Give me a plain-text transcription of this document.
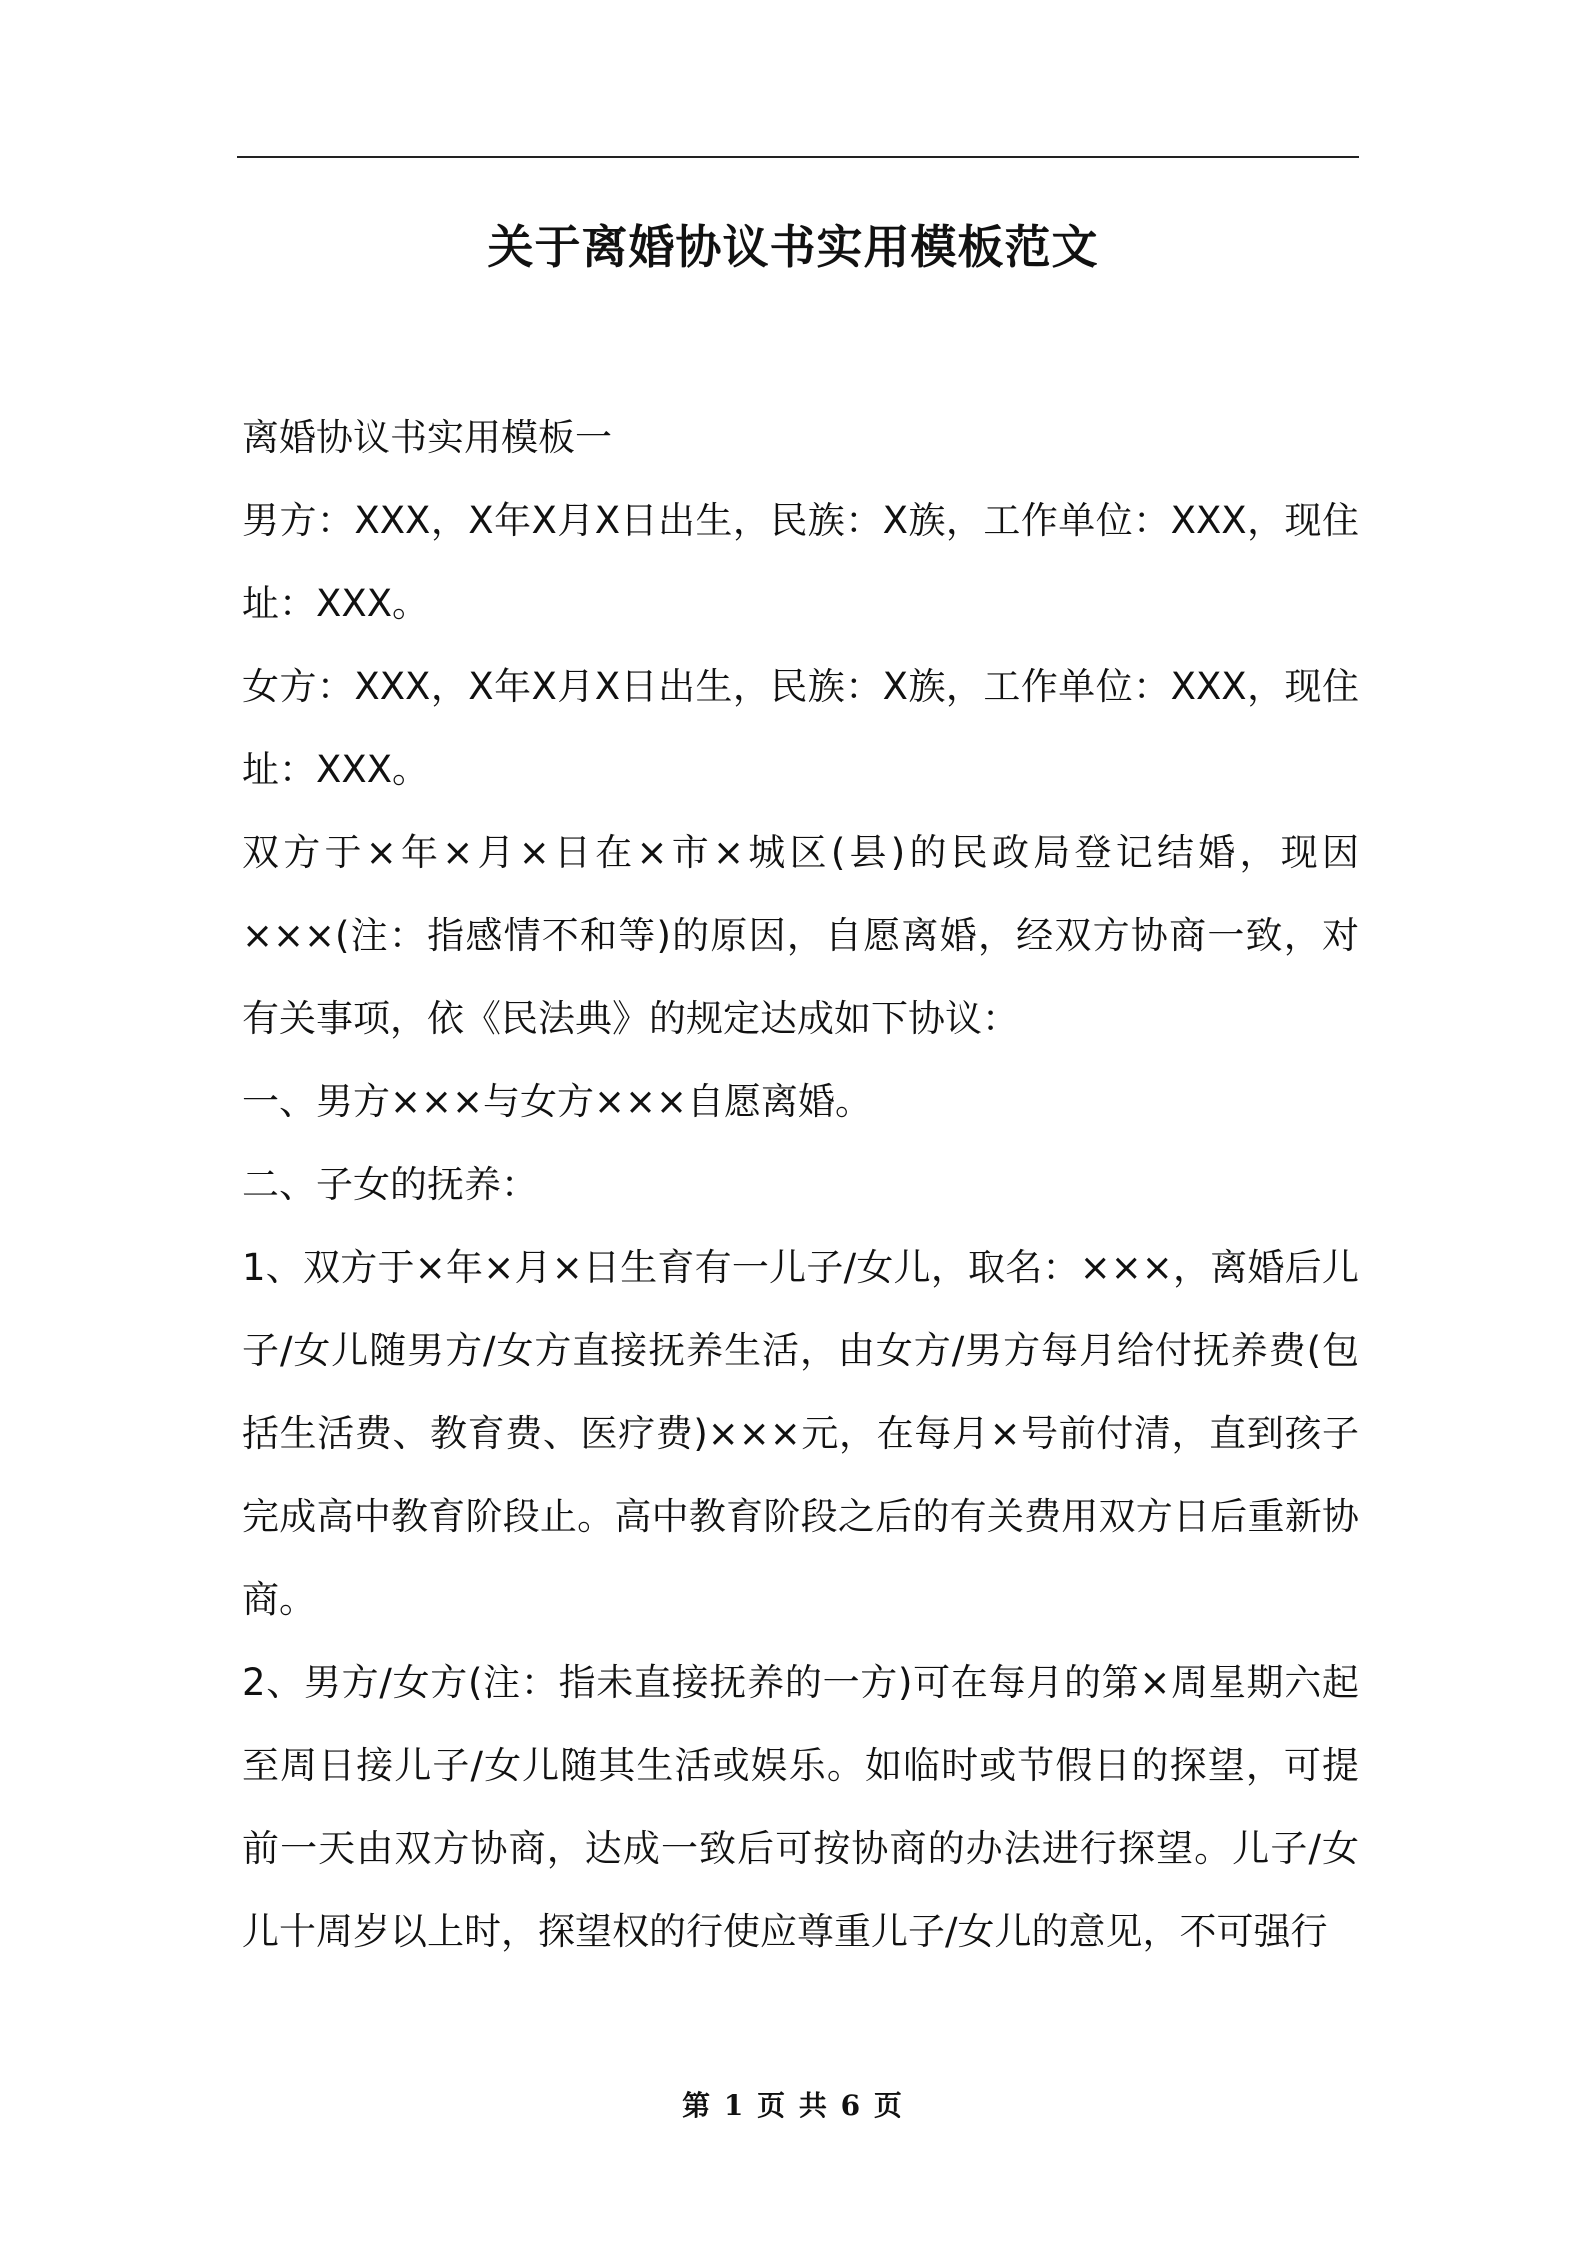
关于离婚协议书实用模板范文

离婚协议书实用模板一

男方：XXX，X年X月X日出生，民族：X族，工作单位：XXX，现住址：XXX。

女方：XXX，X年X月X日出生，民族：X族，工作单位：XXX，现住址：XXX。

双方于×年×月×日在×市×城区(县)的民政局登记结婚，现因×××(注：指感情不和等)的原因，自愿离婚，经双方协商一致，对有关事项，依《民法典》的规定达成如下协议：

一、男方×××与女方×××自愿离婚。

二、子女的抚养：

1、双方于×年×月×日生育有一儿子/女儿，取名：×××，离婚后儿子/女儿随男方/女方直接抚养生活，由女方/男方每月给付抚养费(包括生活费、教育费、医疗费)×××元，在每月×号前付清，直到孩子完成高中教育阶段止。高中教育阶段之后的有关费用双方日后重新协商。

2、男方/女方(注：指未直接抚养的一方)可在每月的第×周星期六起至周日接儿子/女儿随其生活或娱乐。如临时或节假日的探望，可提前一天由双方协商，达成一致后可按协商的办法进行探望。儿子/女儿十周岁以上时，探望权的行使应尊重儿子/女儿的意见，不可强行

第 1 页 共 6 页
